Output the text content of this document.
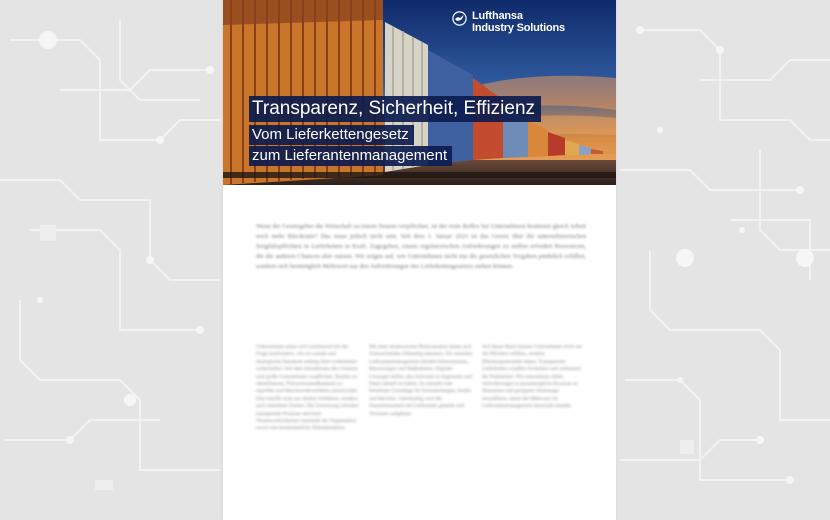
Lufthansa
Industry Solutions
Transparenz, Sicherheit, Effizienz
Vom Lieferkettengesetz
zum Lieferantenmanagement
Wenn der Gesetzgeber die Wirtschaft zu einem Neuem verpflichtet, ist der erste Reflex bei Unternehmen bestimmt gleich Arbeit noch mehr Bürokratie? Das muss jedoch nicht sein. Seit dem 1. Januar 2023 ist das Gesetz über die unternehmerischen Sorgfaltspflichten in Lieferketten in Kraft. Zugegeben, einem regulatorischen Anforderungen zu stellen erfordert Ressourcen, die die anderen Chancen aber nutzen. Wir zeigen auf, wie Unternehmen nicht nur die gesetzlichen Vorgaben pünktlich erfüllen, sondern sich bestmöglich Mehrwert aus den Anforderungen des Lieferkettengesetzes ziehen können.
Unternehmen sehen sich zunehmend mit der Frage konfrontiert, wie sie soziale und ökologische Standards entlang ihrer Lieferketten sicherstellen. Seit dem Inkrafttreten des Gesetzes sind große Unternehmen verpflichtet, Risiken zu identifizieren, Präventionsmaßnahmen zu ergreifen und Beschwerdeverfahren einzurichten. Dies betrifft nicht nur direkte Zulieferer, sondern auch mittelbare Partner. Die Umsetzung erfordert transparente Prozesse und klare Verantwortlichkeiten innerhalb der Organisation sowie eine kontinuierliche Dokumentation.
Mit einer strukturierten Risikoanalyse lassen sich Schwachstellen frühzeitig erkennen. Ein zentrales Lieferantenmanagement bündelt Informationen, Bewertungen und Maßnahmen. Digitale Lösungen helfen, den Aufwand zu begrenzen und Daten aktuell zu halten. So entsteht eine belastbare Grundlage für Entscheidungen, Audits und Berichte. Gleichzeitig wird die Zusammenarbeit mit Lieferanten gestärkt und Vertrauen aufgebaut.
Auf dieser Basis können Unternehmen nicht nur die Pflichten erfüllen, sondern Effizienzpotenziale heben. Transparente Lieferketten schaffen Sicherheit und verbessern die Planbarkeit. Wir unterstützen dabei, Anforderungen in praxistaugliche Prozesse zu übersetzen und geeignete Werkzeuge einzuführen, damit der Mehrwert im Lieferantenmanagement dauerhaft entsteht.
